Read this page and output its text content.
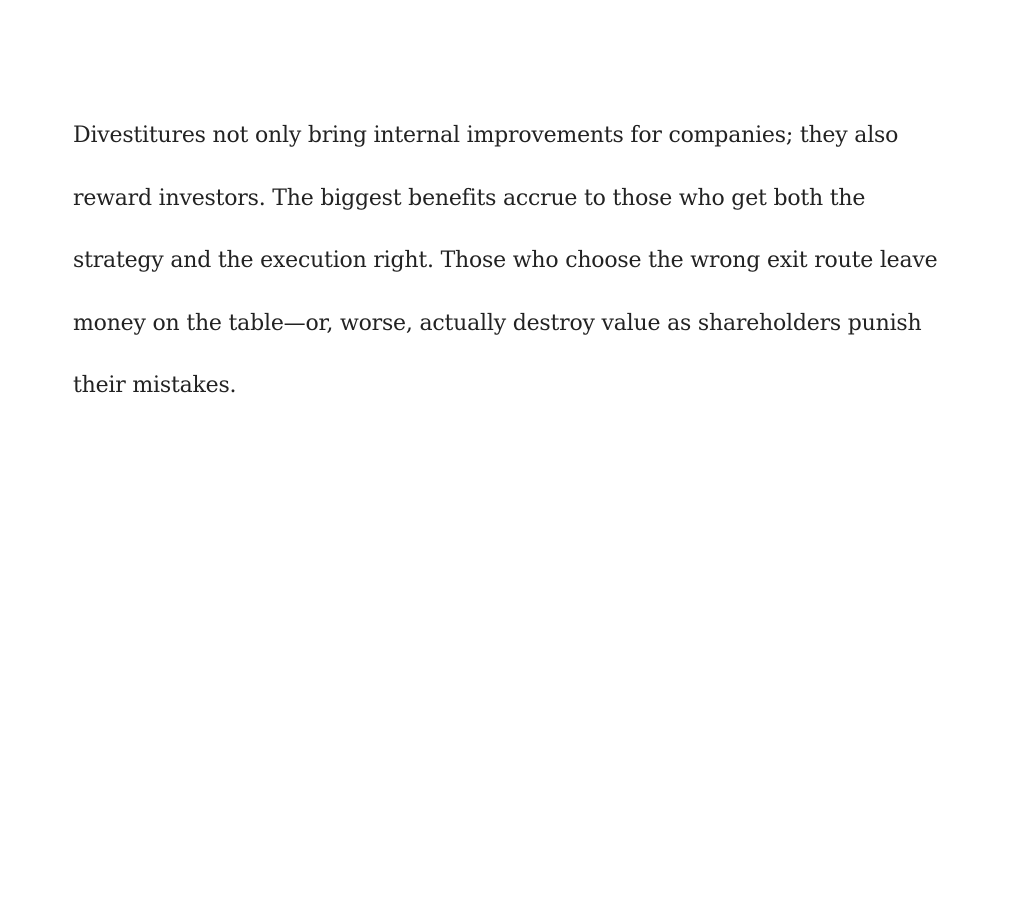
Divestitures not only bring internal improvements for companies; they also
reward investors. The biggest benefits accrue to those who get both the
strategy and the execution right. Those who choose the wrong exit route leave
money on the table—or, worse, actually destroy value as shareholders punish
their mistakes.
